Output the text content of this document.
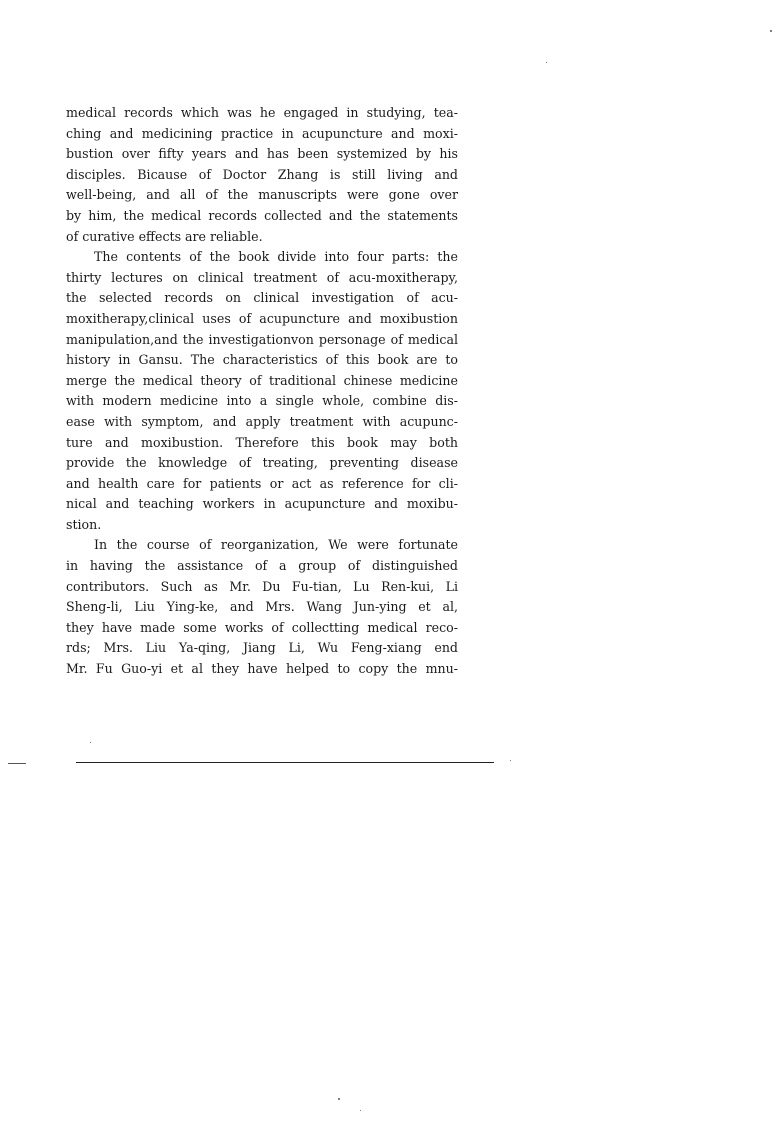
medical records which was he engaged in studying, tea-
ching and medicining practice in acupuncture and moxi-
bustion over fifty years and has been systemized by his
disciples. Bicause of Doctor Zhang is still living and
well-being, and all of the manuscripts were gone over
by him, the medical records collected and the statements
of curative effects are reliable.
The contents of the book divide into four parts: the
thirty lectures on clinical treatment of acu-moxitherapy,
the selected records on clinical investigation of acu-
moxitherapy,clinical uses of acupuncture and moxibustion
manipulation,and the investigationvon personage of medical
history in Gansu. The characteristics of this book are to
merge the medical theory of traditional chinese medicine
with modern medicine into a single whole, combine dis-
ease with symptom, and apply treatment with acupunc-
ture and moxibustion. Therefore this book may both
provide the knowledge of treating, preventing disease
and health care for patients or act as reference for cli-
nical and teaching workers in acupuncture and moxibu-
stion.
In the course of reorganization, We were fortunate
in having the assistance of a group of distinguished
contributors. Such as Mr. Du Fu-tian, Lu Ren-kui, Li
Sheng-li, Liu Ying-ke, and Mrs. Wang Jun-ying et al,
they have made some works of collectting medical reco-
rds; Mrs. Liu Ya-qing, Jiang Li, Wu Feng-xiang end
Mr. Fu Guo-yi et al they have helped to copy the mnu-
